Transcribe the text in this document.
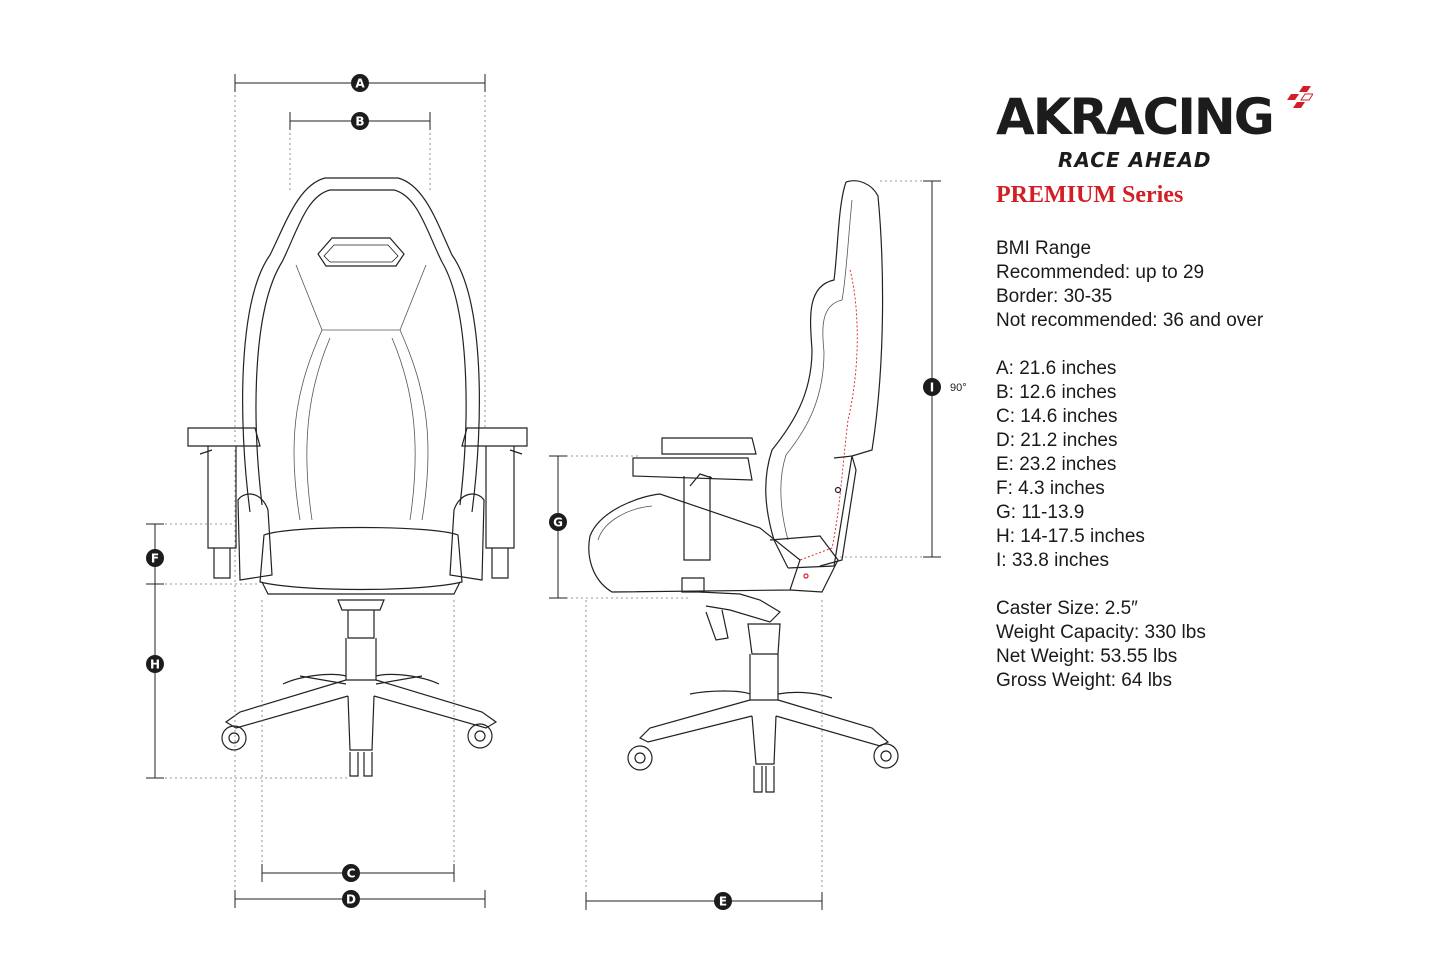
A
B
C
D	E
F
G
H
I 90°
AKRACING
RACE AHEAD
PREMIUM Series
BMI Range
Recommended: up to 29
Border: 30-35
Not recommended: 36 and over
A: 21.6 inches
B: 12.6 inches
C: 14.6 inches
D: 21.2 inches
E: 23.2 inches
F: 4.3 inches
G: 11-13.9
H: 14-17.5 inches
I: 33.8 inches
Caster Size: 2.5″
Weight Capacity: 330 lbs
Net Weight: 53.55 lbs
Gross Weight: 64 lbs
